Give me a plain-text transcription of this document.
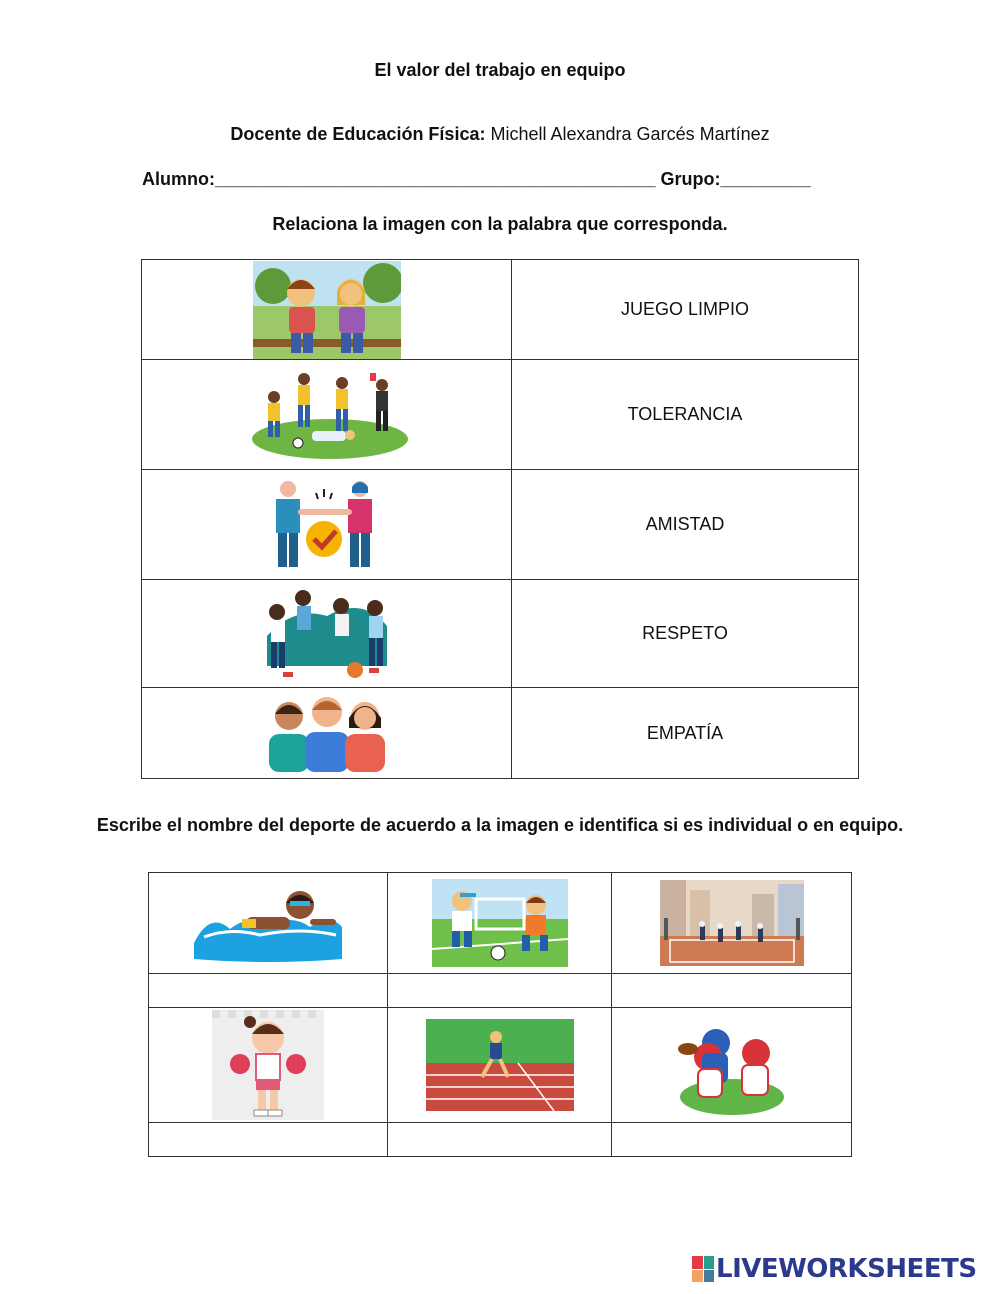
El valor del trabajo en equipo
Docente de Educación Física: Michell Alexandra Garcés Martínez
Alumno:____________________________________________ Grupo:_________
Relaciona la imagen con la palabra que corresponda.
	JUEGO LIMPIO

	TOLERANCIA

	AMISTAD

	RESPETO

	EMPATÍA
Escribe el nombre del deporte de acuerdo a la imagen e identifica si es individual o en equipo.

LIVEWORKSHEETS
